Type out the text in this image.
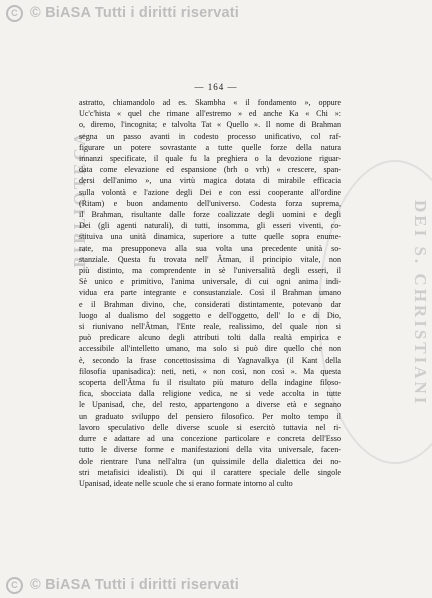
C © BiASA Tutti i diritti riservati
DEI S. CHRISTIANI
BIBLIOTECA
— 164 —
astratto, chiamandolo ad es. Skambha « il fondamento », oppure
Uc'c'hista « quel che rimane all'estremo » ed anche Ka « Chi »:
o, diremo, l'incognita; e talvolta Tat « Quello ». Il nome di Brahman
segna un passo avanti in codesto processo unificativo, col raf-
figurare un potere sovrastante a tutte quelle forze della natura
innanzi specificate, il quale fu la preghiera o la devozione riguar-
data come elevazione ed espansione (brh o vrh) « crescere, span-
dersi dell'animo », una virtù magica dotata di mirabile efficacia
sulla volontà e l'azione degli Dei e con essi cooperante all'ordine
(Ritam) e buon andamento dell'universo. Codesta forza suprema,
il Brahman, risultante dalle forze coalizzate degli uomini e degli
Dei (gli agenti naturali), di tutti, insomma, gli esseri viventi, co-
stituiva una unità dinamica, superiore a tutte quelle sopra enume-
rate, ma presupponeva alla sua volta una precedente unità so-
stanziale. Questa fu trovata nell' Âtman, il principio vitale, non
più distinto, ma comprendente in sè l'universalità degli esseri, il
Sè unico e primitivo, l'anima universale, di cui ogni anima indi-
vidua era parte integrante e consustanziale. Così il Brahman umano
e il Brahman divino, che, considerati distintamente, potevano dar
luogo al dualismo del soggetto e dell'oggetto, dell' Io e di Dio,
si riunivano nell'Âtman, l'Ente reale, realissimo, del quale non si
può predicare alcuno degli attributi tolti dalla realtà empirica e
accessibile all'intelletto umano, ma solo si può dire quello che non
è, secondo la frase concettosissima di Yagnavalkya (il Kant della
filosofia upanisadica): neti, neti, « non così, non così ». Ma questa
scoperta dell'Âtma fu il risultato più maturo della indagine filoso-
fica, sbocciata dalla religione vedica, ne si vede accolta in tutte
le Upanisad, che, del resto, appartengono a diverse età e segnano
un graduato sviluppo del pensiero filosofico. Per molto tempo il
lavoro speculativo delle diverse scuole si esercitò tuttavia nel ri-
durre e adattare ad una concezione particolare e concreta dell'Esso
tutto le diverse forme e manifestazioni della vita universale, facen-
dole rientrare l'una nell'altra (un quissimile della dialettica dei no-
stri metafisici idealisti). Di qui il carattere speciale delle singole
Upanisad, ideate nelle scuole che si erano formate intorno al culto
C © BiASA Tutti i diritti riservati
